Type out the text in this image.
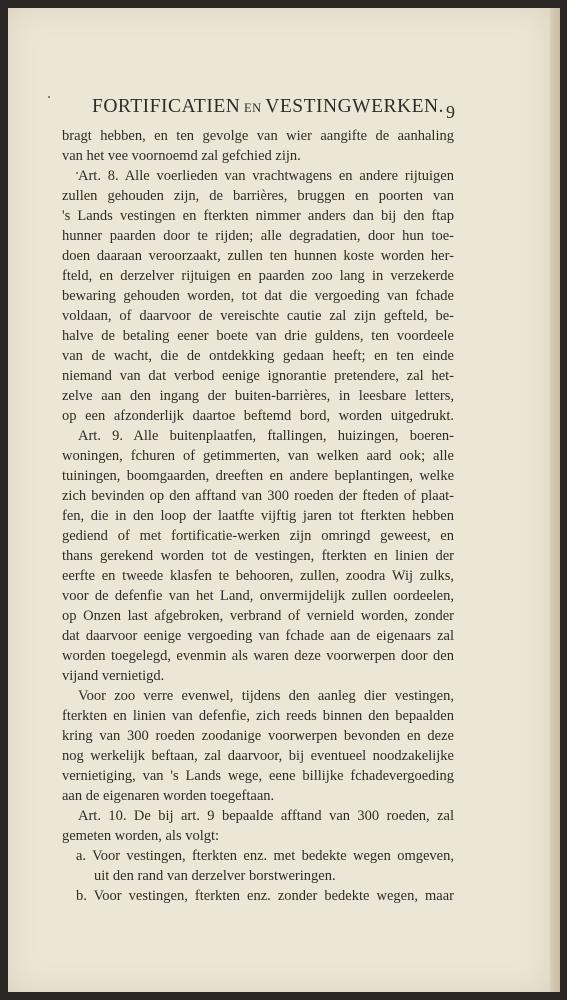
FORTIFICATIEN EN VESTINGWERKEN. 9
bragt hebben, en ten gevolge van wier aangifte de aanhaling
van het vee voornoemd zal gefchied zijn.
Art. 8. Alle voerlieden van vrachtwagens en andere rijtuigen
zullen gehouden zijn, de barrières, bruggen en poorten van
's Lands vestingen en fterkten nimmer anders dan bij den ftap
hunner paarden door te rijden; alle degradatien, door hun toe-
doen daaraan veroorzaakt, zullen ten hunnen koste worden her-
fteld, en derzelver rijtuigen en paarden zoo lang in verzekerde
bewaring gehouden worden, tot dat die vergoeding van fchade
voldaan, of daarvoor de vereischte cautie zal zijn gefteld, be-
halve de betaling eener boete van drie guldens, ten voordeele
van de wacht, die de ontdekking gedaan heeft; en ten einde
niemand van dat verbod eenige ignorantie pretendere, zal het-
zelve aan den ingang der buiten-barrières, in leesbare letters,
op een afzonderlijk daartoe beftemd bord, worden uitgedrukt.
Art. 9. Alle buitenplaatfen, ftallingen, huizingen, boeren-
woningen, fchuren of getimmerten, van welken aard ook; alle
tuiningen, boomgaarden, dreeften en andere beplantingen, welke
zich bevinden op den afftand van 300 roeden der fteden of plaat-
fen, die in den loop der laatfte vijftig jaren tot fterkten hebben
gediend of met fortificatie-werken zijn omringd geweest, en
thans gerekend worden tot de vestingen, fterkten en linien der
eerfte en tweede klasfen te behooren, zullen, zoodra Wij zulks,
voor de defenfie van het Land, onvermijdelijk zullen oordeelen,
op Onzen last afgebroken, verbrand of vernield worden, zonder
dat daarvoor eenige vergoeding van fchade aan de eigenaars zal
worden toegelegd, evenmin als waren deze voorwerpen door den
vijand vernietigd.
Voor zoo verre evenwel, tijdens den aanleg dier vestingen,
fterkten en linien van defenfie, zich reeds binnen den bepaalden
kring van 300 roeden zoodanige voorwerpen bevonden en deze
nog werkelijk beftaan, zal daarvoor, bij eventueel noodzakelijke
vernietiging, van 's Lands wege, eene billijke fchadevergoeding
aan de eigenaren worden toegeftaan.
Art. 10. De bij art. 9 bepaalde afftand van 300 roeden, zal
gemeten worden, als volgt:
a. Voor vestingen, fterkten enz. met bedekte wegen omgeven,
uit den rand van derzelver borstweringen.
b. Voor vestingen, fterkten enz. zonder bedekte wegen, maar
